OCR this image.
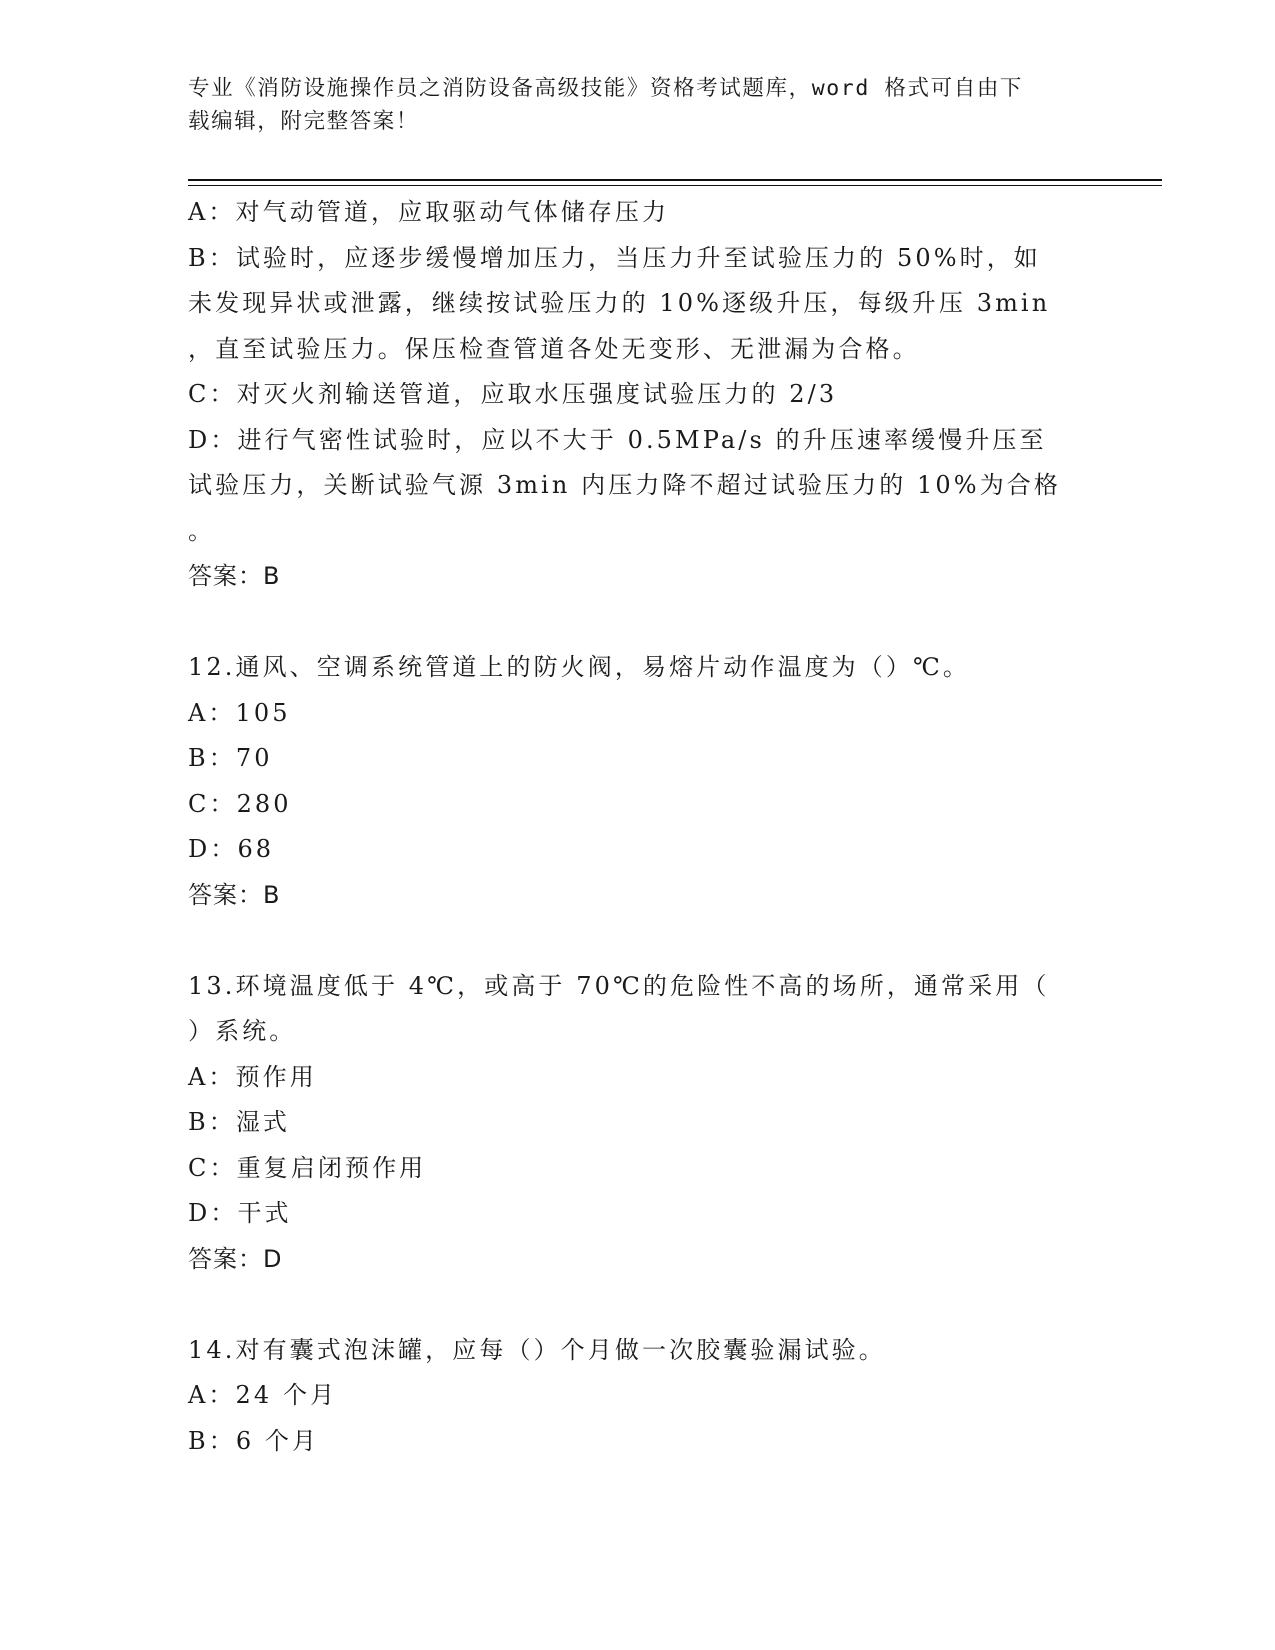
专业《消防设施操作员之消防设备高级技能》资格考试题库，word 格式可自由下
载编辑，附完整答案！
A：对气动管道，应取驱动气体储存压力
B：试验时，应逐步缓慢增加压力，当压力升至试验压力的 50%时，如
未发现异状或泄露，继续按试验压力的 10%逐级升压，每级升压 3min
，直至试验压力。保压检查管道各处无变形、无泄漏为合格。
C：对灭火剂输送管道，应取水压强度试验压力的 2/3
D：进行气密性试验时，应以不大于 0.5MPa/s 的升压速率缓慢升压至
试验压力，关断试验气源 3min 内压力降不超过试验压力的 10%为合格
。
答案：B
12.通风、空调系统管道上的防火阀，易熔片动作温度为（）℃。
A：105
B：70
C：280
D：68
答案：B
13.环境温度低于 4℃，或高于 70℃的危险性不高的场所，通常采用（
）系统。
A：预作用
B：湿式
C：重复启闭预作用
D：干式
答案：D
14.对有囊式泡沫罐，应每（）个月做一次胶囊验漏试验。
A：24 个月
B：6 个月
